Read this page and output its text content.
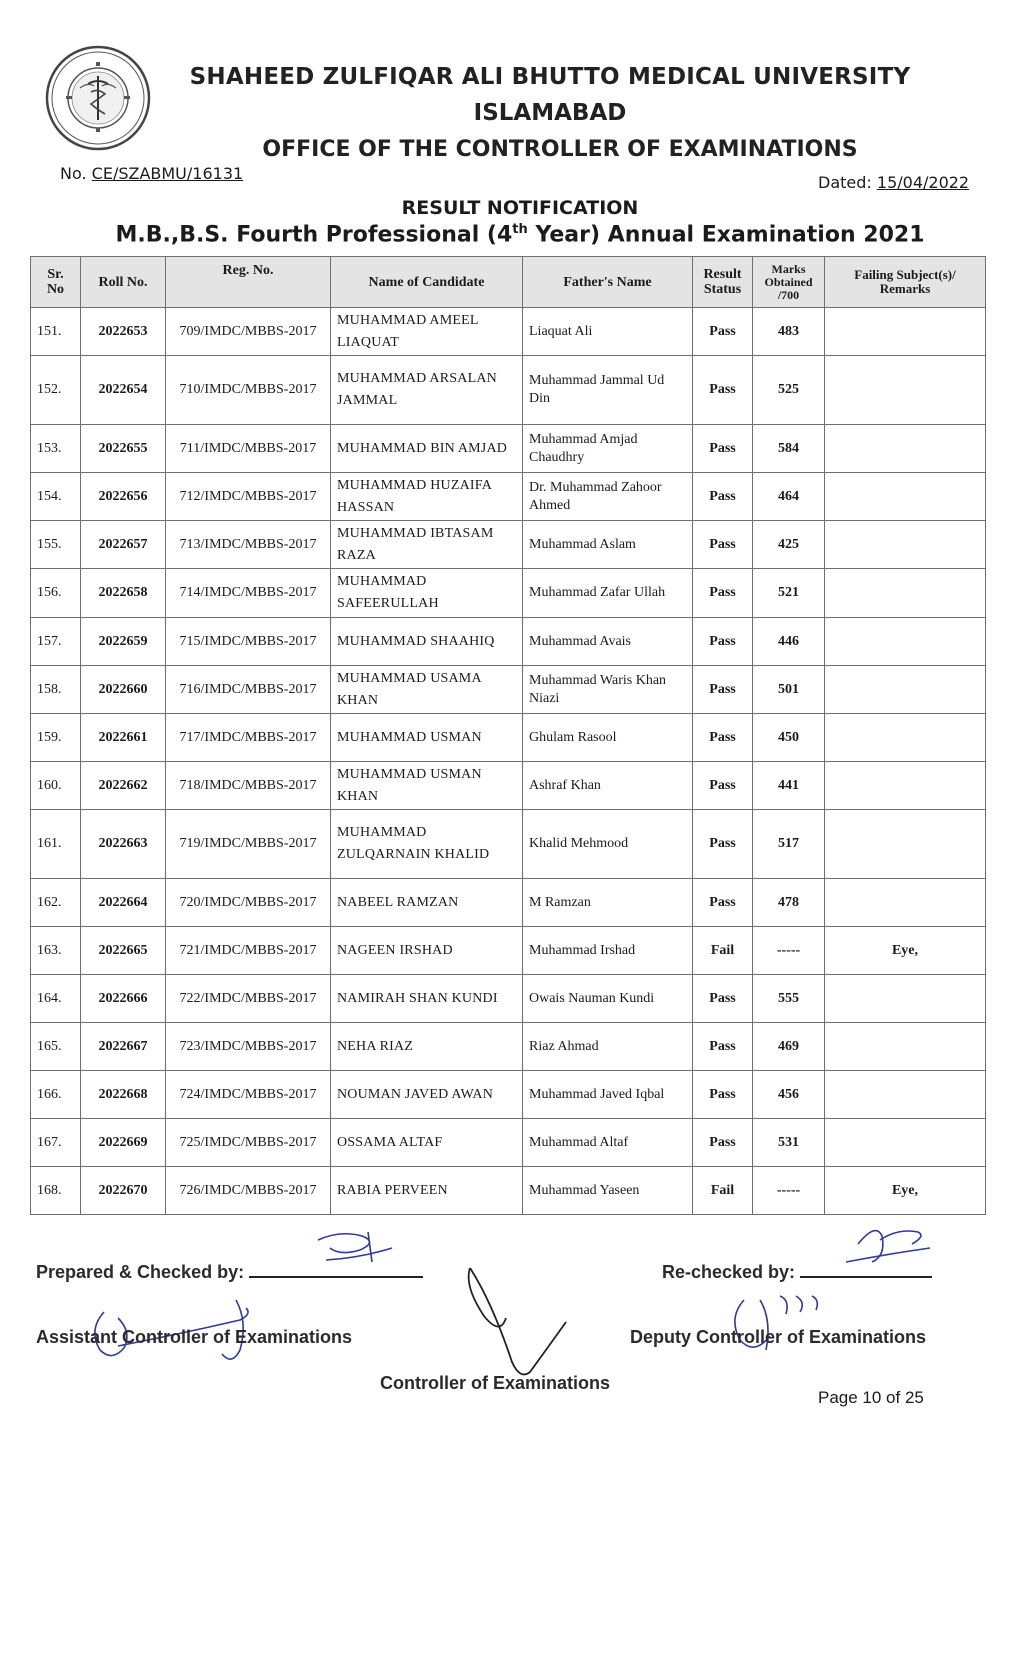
SHAHEED ZULFIQAR ALI BHUTTO MEDICAL UNIVERSITY
ISLAMABAD
OFFICE OF THE CONTROLLER OF EXAMINATIONS
No. CE/SZABMU/16131	Dated: 15/04/2022
RESULT NOTIFICATION
M.B.,B.S. Fourth Professional (4th Year) Annual Examination 2021
Sr.
No	Roll No.	Reg. No.	Name of Candidate	Father's Name	Result
Status	Marks
Obtained
/700	Failing Subject(s)/
Remarks
151.	2022653	709/IMDC/MBBS-2017	MUHAMMAD AMEEL LIAQUAT	Liaquat Ali	Pass	483	
152.	2022654	710/IMDC/MBBS-2017	MUHAMMAD ARSALAN JAMMAL	Muhammad Jammal Ud Din	Pass	525	
153.	2022655	711/IMDC/MBBS-2017	MUHAMMAD BIN AMJAD	Muhammad Amjad Chaudhry	Pass	584	
154.	2022656	712/IMDC/MBBS-2017	MUHAMMAD HUZAIFA HASSAN	Dr. Muhammad Zahoor Ahmed	Pass	464	
155.	2022657	713/IMDC/MBBS-2017	MUHAMMAD IBTASAM RAZA	Muhammad Aslam	Pass	425	
156.	2022658	714/IMDC/MBBS-2017	MUHAMMAD SAFEERULLAH	Muhammad Zafar Ullah	Pass	521	
157.	2022659	715/IMDC/MBBS-2017	MUHAMMAD SHAAHIQ	Muhammad Avais	Pass	446	
158.	2022660	716/IMDC/MBBS-2017	MUHAMMAD USAMA KHAN	Muhammad Waris Khan Niazi	Pass	501	
159.	2022661	717/IMDC/MBBS-2017	MUHAMMAD USMAN	Ghulam Rasool	Pass	450	
160.	2022662	718/IMDC/MBBS-2017	MUHAMMAD USMAN KHAN	Ashraf Khan	Pass	441	
161.	2022663	719/IMDC/MBBS-2017	MUHAMMAD ZULQARNAIN KHALID	Khalid Mehmood	Pass	517	
162.	2022664	720/IMDC/MBBS-2017	NABEEL RAMZAN	M Ramzan	Pass	478	
163.	2022665	721/IMDC/MBBS-2017	NAGEEN IRSHAD	Muhammad Irshad	Fail	-----	Eye,
164.	2022666	722/IMDC/MBBS-2017	NAMIRAH SHAN KUNDI	Owais Nauman Kundi	Pass	555	
165.	2022667	723/IMDC/MBBS-2017	NEHA RIAZ	Riaz Ahmad	Pass	469	
166.	2022668	724/IMDC/MBBS-2017	NOUMAN JAVED AWAN	Muhammad Javed Iqbal	Pass	456	
167.	2022669	725/IMDC/MBBS-2017	OSSAMA ALTAF	Muhammad Altaf	Pass	531	
168.	2022670	726/IMDC/MBBS-2017	RABIA PERVEEN	Muhammad Yaseen	Fail	-----	Eye,
Prepared & Checked by:	Re-checked by:
Assistant Controller of Examinations	Deputy Controller of Examinations
Controller of Examinations
Page 10 of 25
